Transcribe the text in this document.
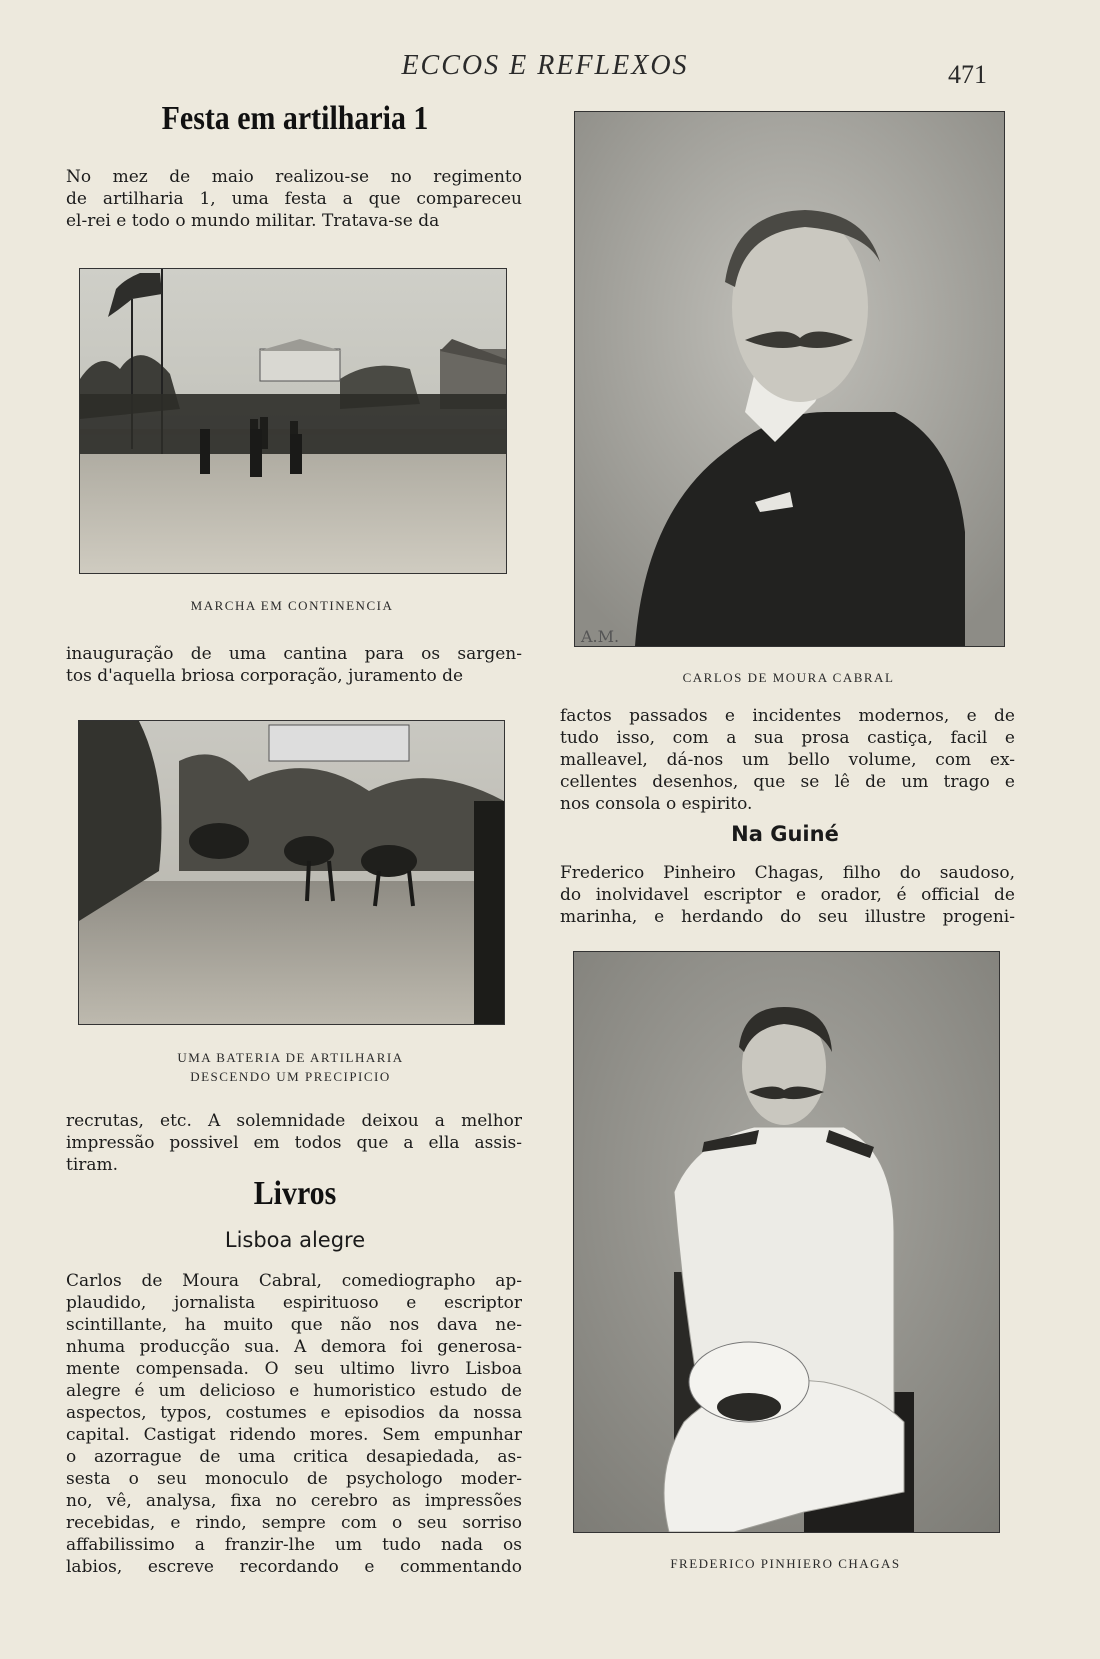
ECCOS E REFLEXOS	471
Festa em artilharia 1
No mez de maio realizou-se no regimento
de artilharia 1, uma festa a que compareceu
el-rei e todo o mundo militar. Tratava-se da
MARCHA EM CONTINENCIA
inauguração de uma cantina para os sargen-
tos d'aquella briosa corporação, juramento de
UMA BATERIA DE ARTILHARIA
DESCENDO UM PRECIPICIO
recrutas, etc. A solemnidade deixou a melhor
impressão possivel em todos que a ella assis-
tiram.
Livros
Lisboa alegre
Carlos de Moura Cabral, comediographo ap-
plaudido, jornalista espirituoso e escriptor
scintillante, ha muito que não nos dava ne-
nhuma producção sua. A demora foi generosa-
mente compensada. O seu ultimo livro Lisboa
alegre é um delicioso e humoristico estudo de
aspectos, typos, costumes e episodios da nossa
capital. Castigat ridendo mores. Sem empunhar
o azorrague de uma critica desapiedada, as-
sesta o seu monoculo de psychologo moder-
no, vê, analysa, fixa no cerebro as impressões
recebidas, e rindo, sempre com o seu sorriso
affabilissimo a franzir-lhe um tudo nada os
labios, escreve recordando e commentando
A.M.
CARLOS DE MOURA CABRAL
factos passados e incidentes modernos, e de
tudo isso, com a sua prosa castiça, facil e
malleavel, dá-nos um bello volume, com ex-
cellentes desenhos, que se lê de um trago e
nos consola o espirito.
Na Guiné
Frederico Pinheiro Chagas, filho do saudoso,
do inolvidavel escriptor e orador, é official de
marinha, e herdando do seu illustre progeni-
FREDERICO PINHIERO CHAGAS
